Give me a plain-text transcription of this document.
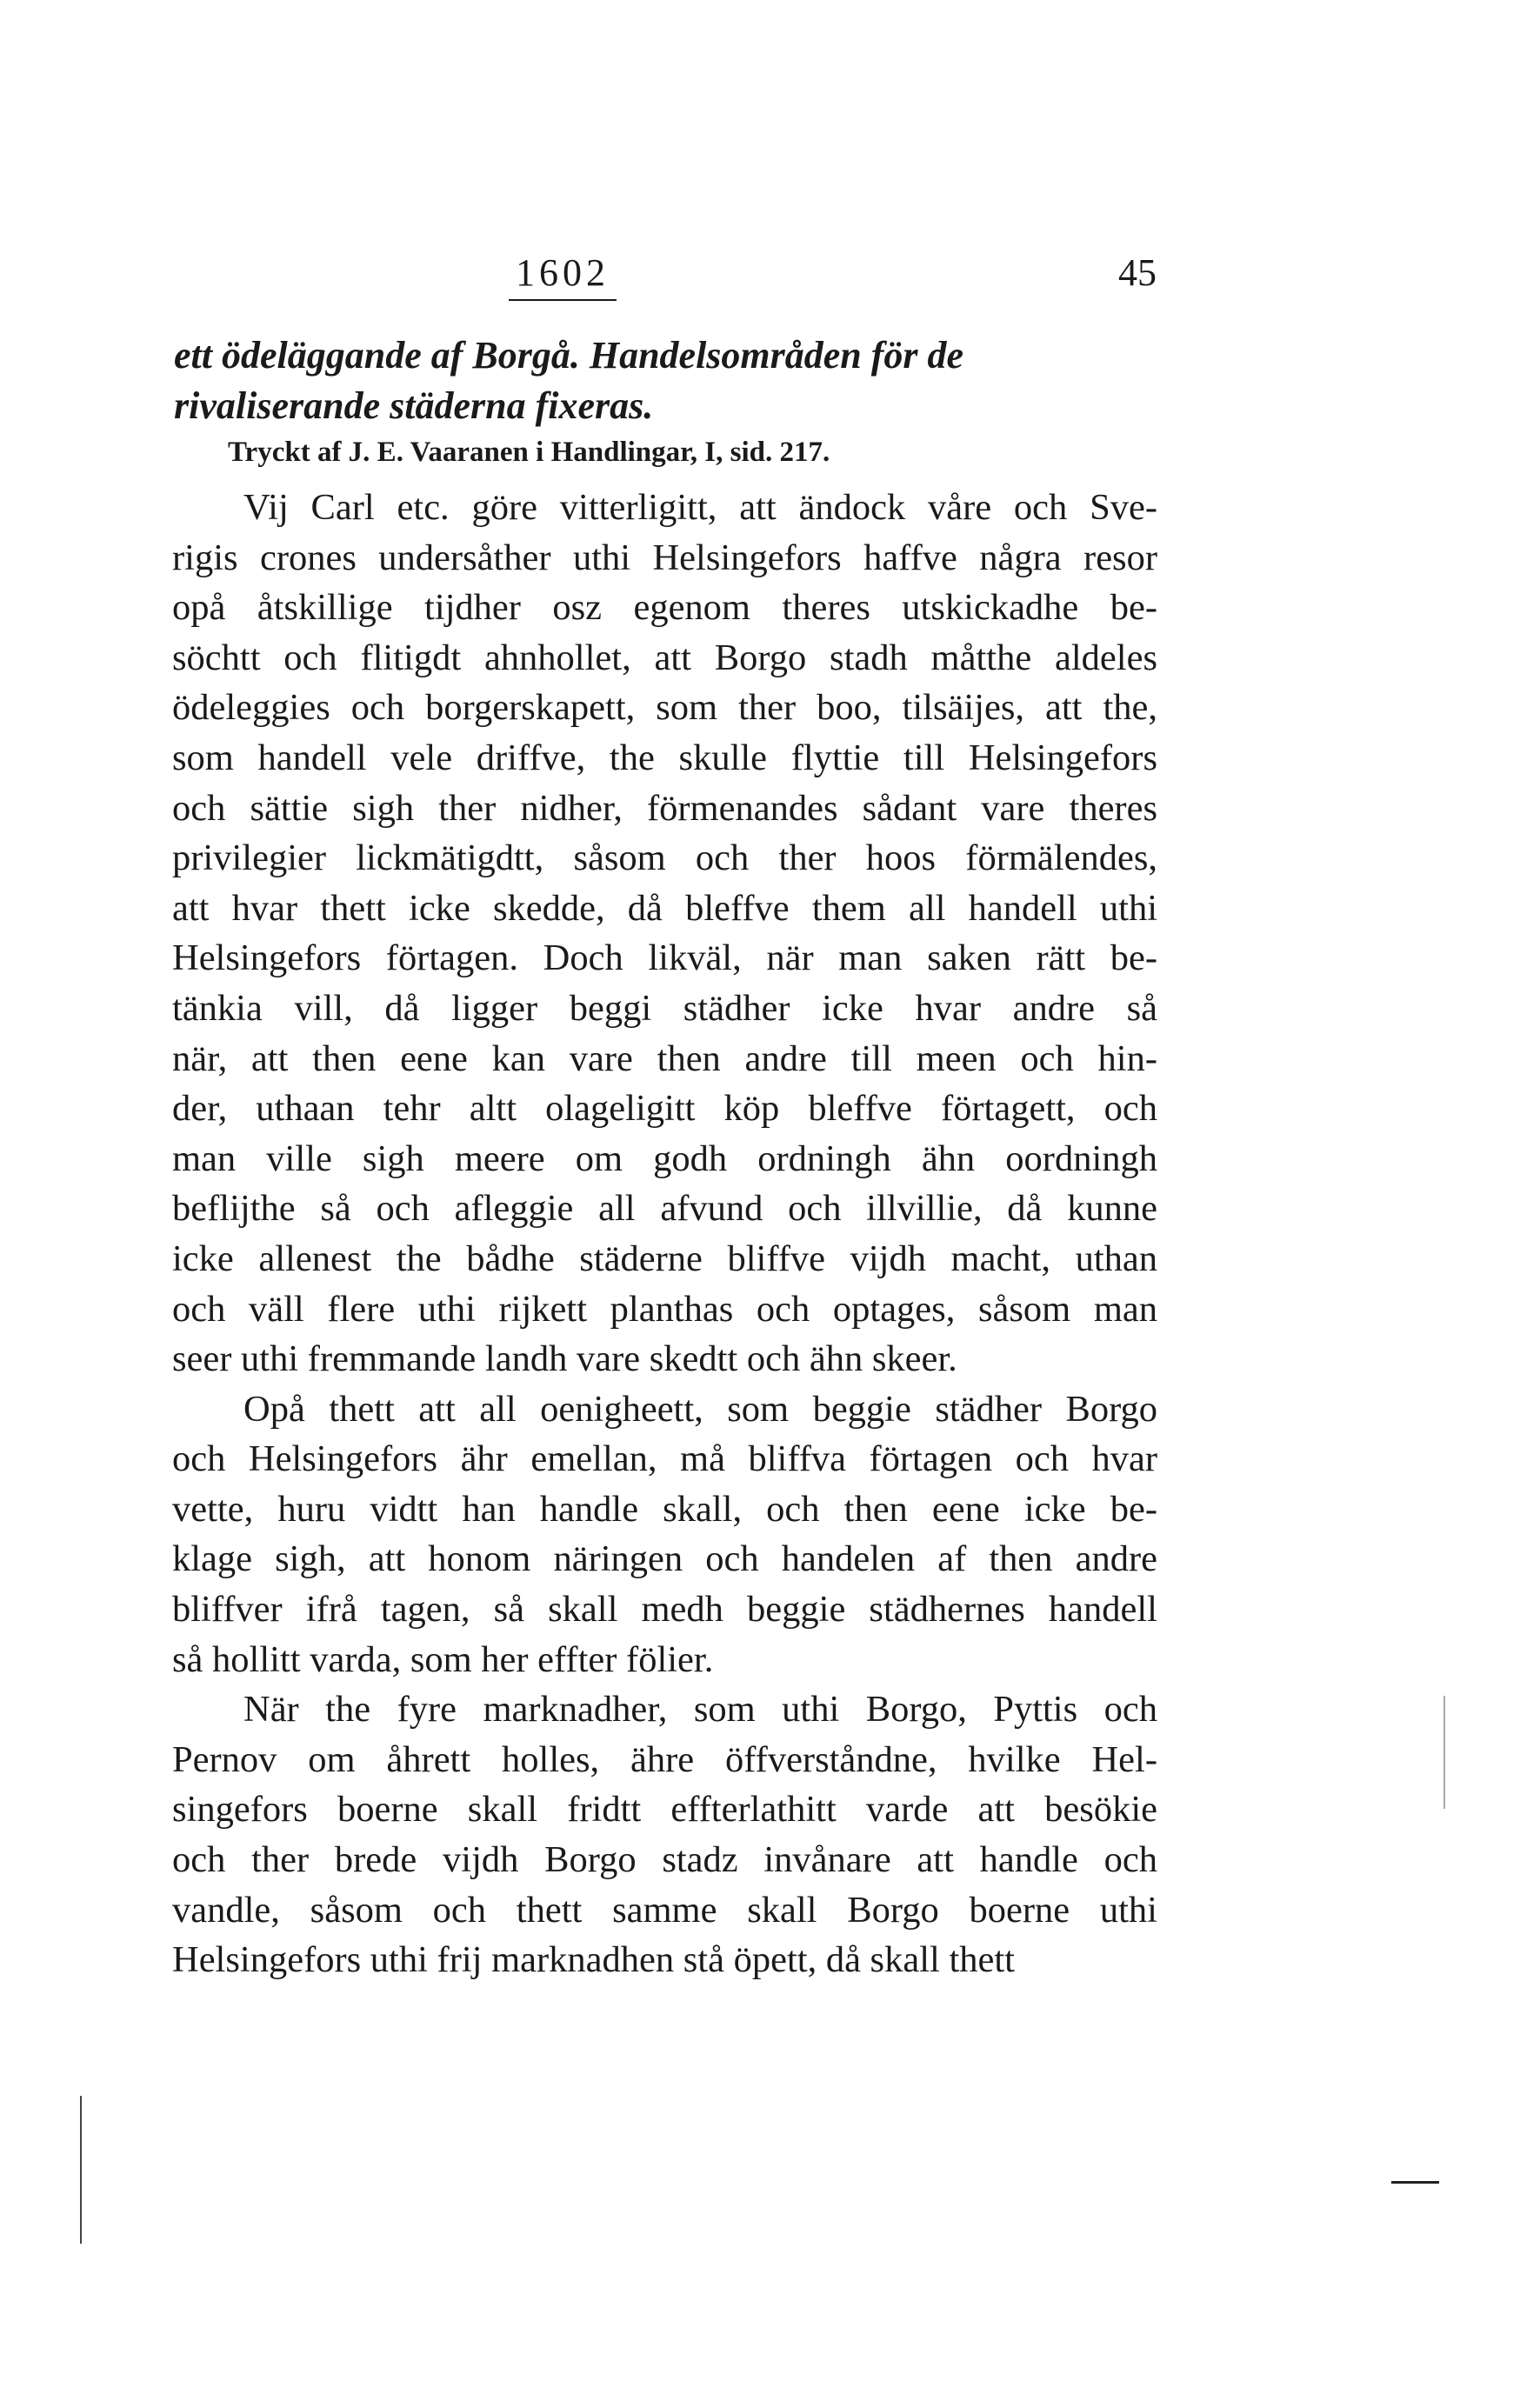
1602	45
ett ödeläggande af Borgå. Handelsområden för de
rivaliserande städerna fixeras.
Tryckt af J. E. Vaaranen i Handlingar, I, sid. 217.
Vij Carl etc. göre vitterligitt, att ändock våre och Sve-
rigis crones undersåther uthi Helsingefors haffve några resor
opå åtskillige tijdher osz egenom theres utskickadhe be-
söchtt och flitigdt ahnhollet, att Borgo stadh måtthe aldeles
ödeleggies och borgerskapett, som ther boo, tilsäijes, att the,
som handell vele driffve, the skulle flyttie till Helsingefors
och sättie sigh ther nidher, förmenandes sådant vare theres
privilegier lickmätigdtt, såsom och ther hoos förmälendes,
att hvar thett icke skedde, då bleffve them all handell uthi
Helsingefors förtagen. Doch likväl, när man saken rätt be-
tänkia vill, då ligger beggi städher icke hvar andre så
när, att then eene kan vare then andre till meen och hin-
der, uthaan tehr altt olageligitt köp bleffve förtagett, och
man ville sigh meere om godh ordningh ähn oordningh
beflijthe så och afleggie all afvund och illvillie, då kunne
icke allenest the bådhe städerne bliffve vijdh macht, uthan
och väll flere uthi rijkett planthas och optages, såsom man
seer uthi fremmande landh vare skedtt och ähn skeer.
Opå thett att all oenigheett, som beggie städher Borgo
och Helsingefors ähr emellan, må bliffva förtagen och hvar
vette, huru vidtt han handle skall, och then eene icke be-
klage sigh, att honom näringen och handelen af then andre
bliffver ifrå tagen, så skall medh beggie städhernes handell
så hollitt varda, som her effter fölier.
När the fyre marknadher, som uthi Borgo, Pyttis och
Pernov om åhrett holles, ähre öffverståndne, hvilke Hel-
singefors boerne skall fridtt effterlathitt varde att besökie
och ther brede vijdh Borgo stadz invånare att handle och
vandle, såsom och thett samme skall Borgo boerne uthi
Helsingefors uthi frij marknadhen stå öpett, då skall thett
